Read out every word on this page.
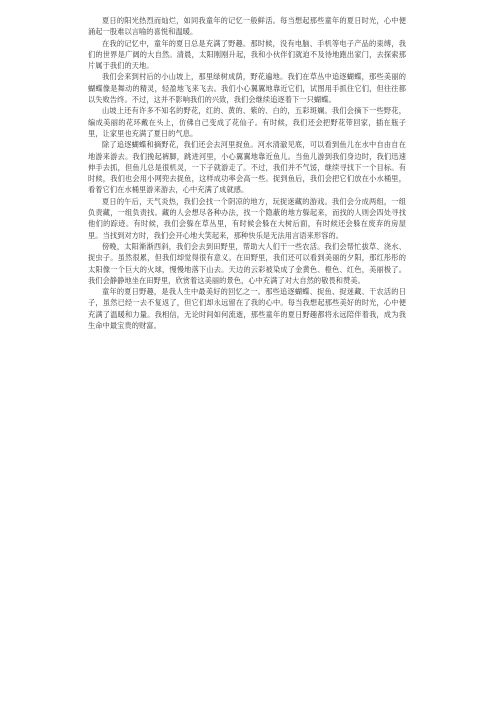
夏日的阳光热烈而灿烂，如同我童年的记忆一般鲜活。每当想起那些童年的夏日时光，心中便涌起一股难以言喻的喜悦和温暖。

在我的记忆中，童年的夏日总是充满了野趣。那时候，没有电脑、手机等电子产品的束缚，我们的世界是广阔的大自然。清晨，太阳刚刚升起，我和小伙伴们就迫不及待地跑出家门，去探索那片属于我们的天地。

我们会来到村后的小山坡上，那里绿树成荫，野花遍地。我们在草丛中追逐蝴蝶，那些美丽的蝴蝶像是舞动的精灵，轻盈地飞来飞去。我们小心翼翼地靠近它们，试图用手抓住它们，但往往都以失败告终。不过，这并不影响我们的兴致，我们会继续追逐着下一只蝴蝶。

山坡上还有许多不知名的野花，红的、黄的、紫的、白的，五彩斑斓。我们会摘下一些野花，编成美丽的花环戴在头上，仿佛自己变成了花仙子。有时候，我们还会把野花带回家，插在瓶子里，让家里也充满了夏日的气息。

除了追逐蝴蝶和摘野花，我们还会去河里捉鱼。河水清澈见底，可以看到鱼儿在水中自由自在地游来游去。我们挽起裤脚，跳进河里，小心翼翼地靠近鱼儿。当鱼儿游到我们身边时，我们迅速伸手去抓，但鱼儿总是很机灵，一下子就游走了。不过，我们并不气馁，继续寻找下一个目标。有时候，我们也会用小网兜去捉鱼，这样成功率会高一些。捉到鱼后，我们会把它们放在小水桶里，看着它们在水桶里游来游去，心中充满了成就感。

夏日的午后，天气炎热，我们会找一个阴凉的地方，玩捉迷藏的游戏。我们会分成两组，一组负责藏，一组负责找。藏的人会想尽各种办法，找一个隐蔽的地方躲起来，而找的人则会四处寻找他们的踪迹。有时候，我们会躲在草丛里，有时候会躲在大树后面，有时候还会躲在废弃的房屋里。当找到对方时，我们会开心地大笑起来，那种快乐是无法用言语来形容的。

傍晚，太阳渐渐西斜，我们会去到田野里，帮助大人们干一些农活。我们会帮忙拔草、浇水、捉虫子。虽然很累，但我们却觉得很有意义。在田野里，我们还可以看到美丽的夕阳，那红彤彤的太阳像一个巨大的火球，慢慢地落下山去。天边的云彩被染成了金黄色、橙色、红色，美丽极了。我们会静静地坐在田野里，欣赏着这美丽的景色，心中充满了对大自然的敬畏和赞美。

童年的夏日野趣，是我人生中最美好的回忆之一。那些追逐蝴蝶、捉鱼、捉迷藏、干农活的日子，虽然已经一去不复返了，但它们却永远留在了我的心中。每当我想起那些美好的时光，心中便充满了温暖和力量。我相信，无论时间如何流逝，那些童年的夏日野趣都将永远陪伴着我，成为我生命中最宝贵的财富。
